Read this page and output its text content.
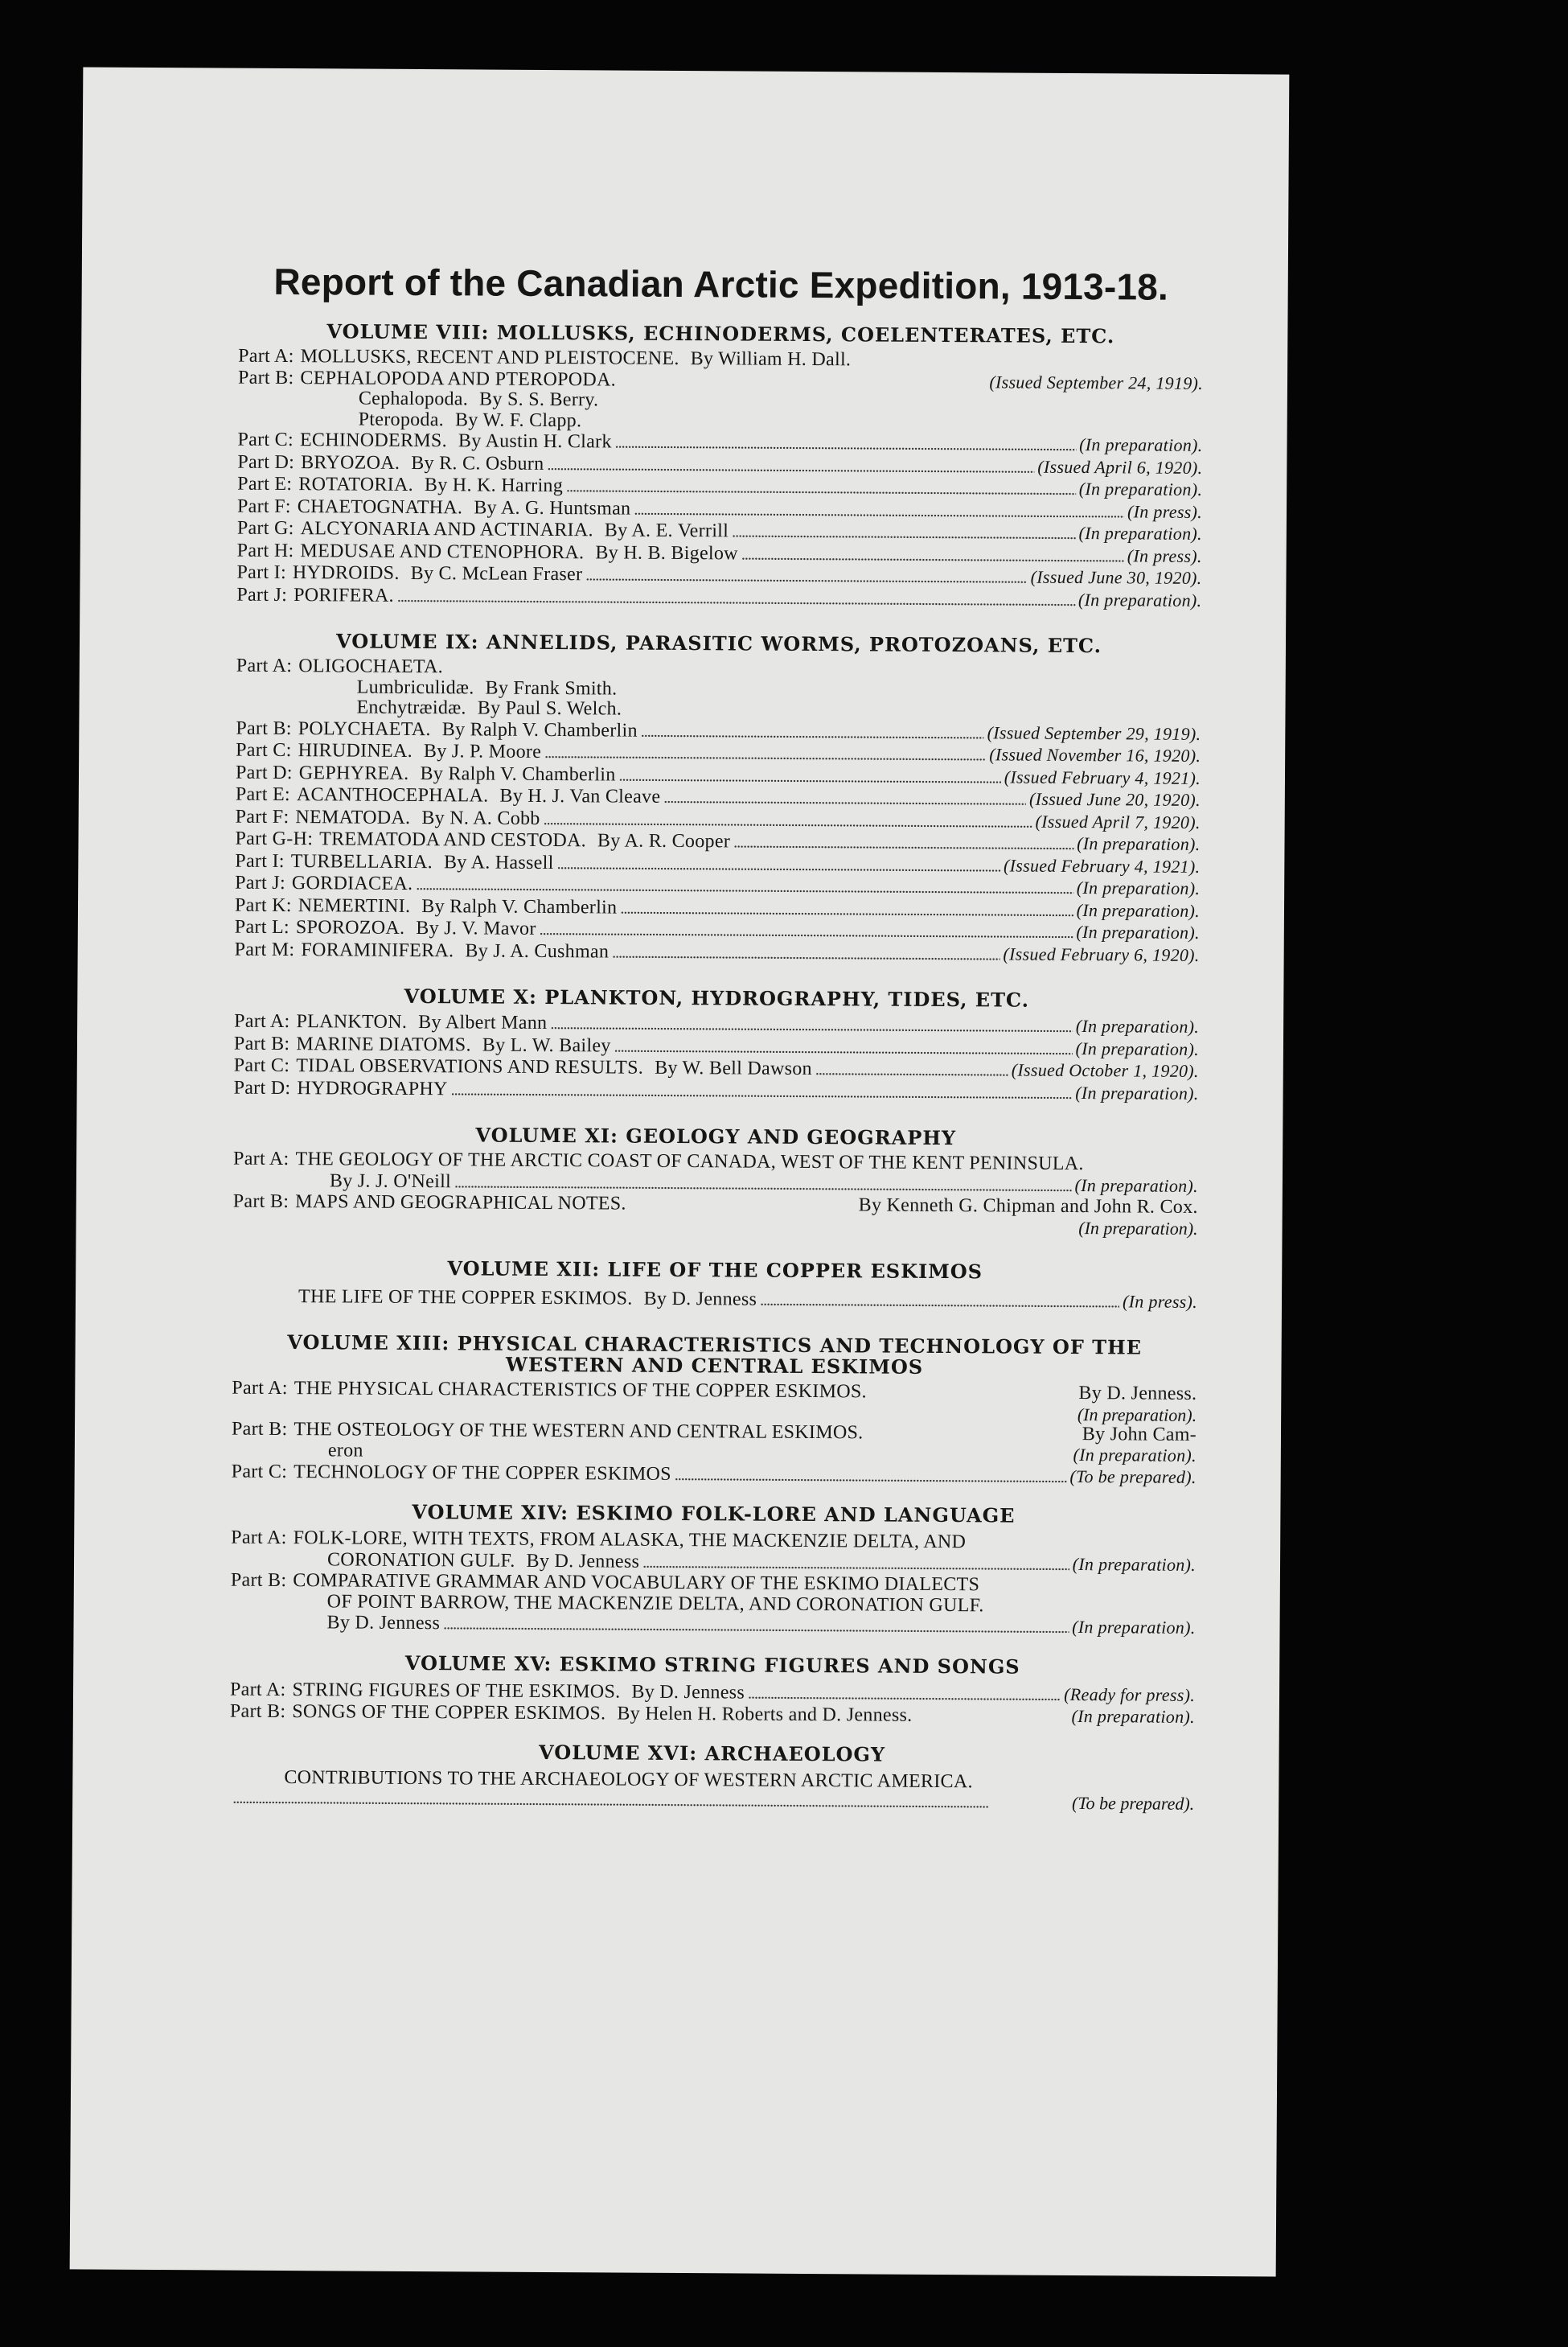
Report of the Canadian Arctic Expedition, 1913-18.
VOLUME VIII: MOLLUSKS, ECHINODERMS, COELENTERATES, ETC.
Part A: MOLLUSKS, RECENT AND PLEISTOCENE. By William H. Dall.
Part B: CEPHALOPODA AND PTEROPODA.	(Issued September 24, 1919).
Cephalopoda. By S. S. Berry.
Pteropoda. By W. F. Clapp.
Part C: ECHINODERMS. By Austin H. Clark . . .	(In preparation).
Part D: BRYOZOA. By R. C. Osburn . . .	(Issued April 6, 1920).
Part E: ROTATORIA. By H. K. Harring . . .	(In preparation).
Part F: CHAETOGNATHA. By A. G. Huntsman . . .	(In press).
Part G: ALCYONARIA AND ACTINARIA. By A. E. Verrill . . .	(In preparation).
Part H: MEDUSAE AND CTENOPHORA. By H. B. Bigelow . . .	(In press).
Part I: HYDROIDS. By C. McLean Fraser . . .	(Issued June 30, 1920).
Part J: PORIFERA. . . .	(In preparation).
VOLUME IX: ANNELIDS, PARASITIC WORMS, PROTOZOANS, ETC.
Part A: OLIGOCHAETA.
Lumbriculidæ. By Frank Smith.
Enchytræidæ. By Paul S. Welch.
Part B: POLYCHAETA. By Ralph V. Chamberlin . . .	(Issued September 29, 1919).
Part C: HIRUDINEA. By J. P. Moore . . .	(Issued November 16, 1920).
Part D: GEPHYREA. By Ralph V. Chamberlin . . .	(Issued February 4, 1921).
Part E: ACANTHOCEPHALA. By H. J. Van Cleave . . .	(Issued June 20, 1920).
Part F: NEMATODA. By N. A. Cobb . . .	(Issued April 7, 1920).
Part G-H: TREMATODA AND CESTODA. By A. R. Cooper . . .	(In preparation).
Part I: TURBELLARIA. By A. Hassell . . .	(Issued February 4, 1921).
Part J: GORDIACEA. . . .	(In preparation).
Part K: NEMERTINI. By Ralph V. Chamberlin . . .	(In preparation).
Part L: SPOROZOA. By J. V. Mavor . . .	(In preparation).
Part M: FORAMINIFERA. By J. A. Cushman . . .	(Issued February 6, 1920).
VOLUME X: PLANKTON, HYDROGRAPHY, TIDES, ETC.
Part A: PLANKTON. By Albert Mann . . .	(In preparation).
Part B: MARINE DIATOMS. By L. W. Bailey . . .	(In preparation).
Part C: TIDAL OBSERVATIONS AND RESULTS. By W. Bell Dawson . . .	(Issued October 1, 1920).
Part D: HYDROGRAPHY . . .	(In preparation).
VOLUME XI: GEOLOGY AND GEOGRAPHY
Part A: THE GEOLOGY OF THE ARCTIC COAST OF CANADA, WEST OF THE KENT PENINSULA.
By J. J. O'Neill . . .	(In preparation).
Part B: MAPS AND GEOGRAPHICAL NOTES.	By Kenneth G. Chipman and John R. Cox.
(In preparation).
VOLUME XII: LIFE OF THE COPPER ESKIMOS
THE LIFE OF THE COPPER ESKIMOS. By D. Jenness . . .	(In press).
VOLUME XIII: PHYSICAL CHARACTERISTICS AND TECHNOLOGY OF THE
WESTERN AND CENTRAL ESKIMOS
Part A: THE PHYSICAL CHARACTERISTICS OF THE COPPER ESKIMOS.	By D. Jenness.
(In preparation).
Part B: THE OSTEOLOGY OF THE WESTERN AND CENTRAL ESKIMOS.	By John Cam-
eron	(In preparation).
Part C: TECHNOLOGY OF THE COPPER ESKIMOS . . .	(To be prepared).
VOLUME XIV: ESKIMO FOLK-LORE AND LANGUAGE
Part A: FOLK-LORE, WITH TEXTS, FROM ALASKA, THE MACKENZIE DELTA, AND
CORONATION GULF. By D. Jenness . . .	(In preparation).
Part B: COMPARATIVE GRAMMAR AND VOCABULARY OF THE ESKIMO DIALECTS
OF POINT BARROW, THE MACKENZIE DELTA, AND CORONATION GULF.
By D. Jenness . . .	(In preparation).
VOLUME XV: ESKIMO STRING FIGURES AND SONGS
Part A: STRING FIGURES OF THE ESKIMOS. By D. Jenness . . .	(Ready for press).
Part B: SONGS OF THE COPPER ESKIMOS. By Helen H. Roberts and D. Jenness.	(In preparation).
VOLUME XVI: ARCHAEOLOGY
CONTRIBUTIONS TO THE ARCHAEOLOGY OF WESTERN ARCTIC AMERICA.
. . .
(To be prepared).
